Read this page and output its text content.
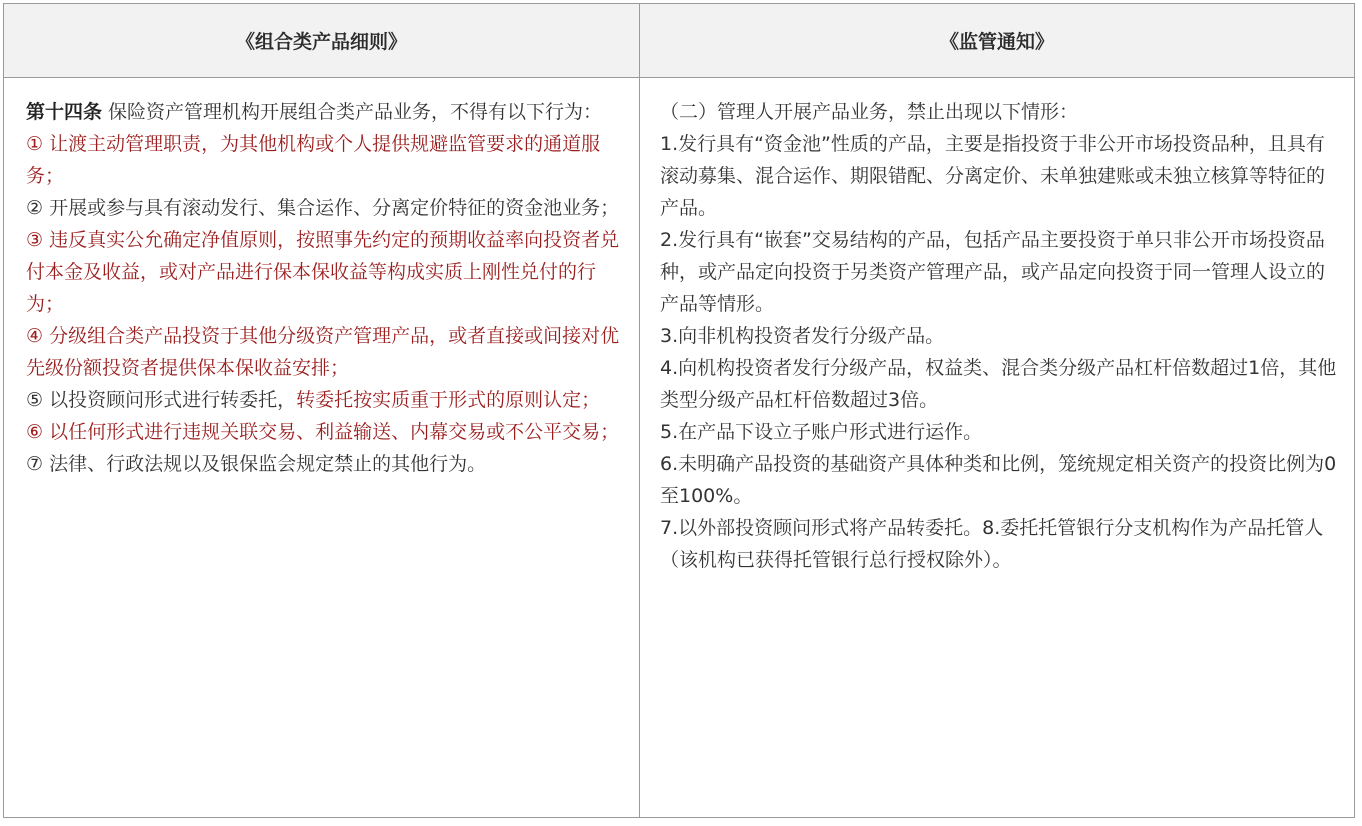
《组合类产品细则》	《监管通知》

第十四条 保险资产管理机构开展组合类产品业务，不得有以下行为：

① 让渡主动管理职责，为其他机构或个人提供规避监管要求的通道服务；

② 开展或参与具有滚动发行、集合运作、分离定价特征的资金池业务；

③ 违反真实公允确定净值原则，按照事先约定的预期收益率向投资者兑付本金及收益，或对产品进行保本保收益等构成实质上刚性兑付的行为；

④ 分级组合类产品投资于其他分级资产管理产品，或者直接或间接对优先级份额投资者提供保本保收益安排；

⑤ 以投资顾问形式进行转委托，转委托按实质重于形式的原则认定；

⑥ 以任何形式进行违规关联交易、利益输送、内幕交易或不公平交易；

⑦ 法律、行政法规以及银保监会规定禁止的其他行为。

（二）管理人开展产品业务，禁止出现以下情形：

1.发行具有“资金池”性质的产品，主要是指投资于非公开市场投资品种，且具有滚动募集、混合运作、期限错配、分离定价、未单独建账或未独立核算等特征的产品。

2.发行具有“嵌套”交易结构的产品，包括产品主要投资于单只非公开市场投资品种，或产品定向投资于另类资产管理产品，或产品定向投资于同一管理人设立的产品等情形。

3.向非机构投资者发行分级产品。

4.向机构投资者发行分级产品，权益类、混合类分级产品杠杆倍数超过1倍，其他类型分级产品杠杆倍数超过3倍。

5.在产品下设立子账户形式进行运作。

6.未明确产品投资的基础资产具体种类和比例，笼统规定相关资产的投资比例为0至100%。

7.以外部投资顾问形式将产品转委托。8.委托托管银行分支机构作为产品托管人（该机构已获得托管银行总行授权除外）。
